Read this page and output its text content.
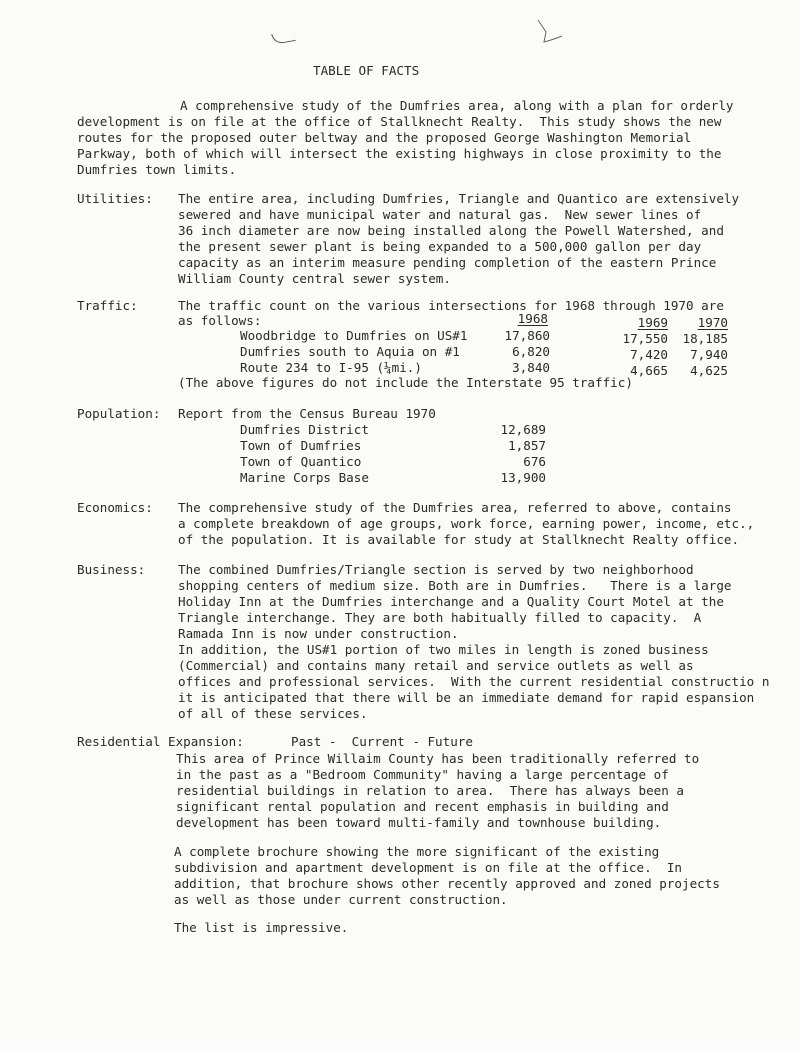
TABLE OF FACTS
A comprehensive study of the Dumfries area, along with a plan for orderly
development is on file at the office of Stallknecht Realty.  This study shows the new
routes for the proposed outer beltway and the proposed George Washington Memorial
Parkway, both of which will intersect the existing highways in close proximity to the
Dumfries town limits.
Utilities: The entire area, including Dumfries, Triangle and Quantico are extensively
sewered and have municipal water and natural gas.  New sewer lines of
36 inch diameter are now being installed along the Powell Watershed, and
the present sewer plant is being expanded to a 500,000 gallon per day
capacity as an interim measure pending completion of the eastern Prince
William County central sewer system.
Traffic:	The traffic count on the various intersections for 1968 through 1970 are
as follows:	1968	1969	1970
Woodbridge to Dumfries on US#1	17,860	17,550	18,185
Dumfries south to Aquia on #1	6,820	7,420	7,940
Route 234 to I-95 (¼mi.)	3,840	4,665	4,625
(The above figures do not include the Interstate 95 traffic)
Population: Report from the Census Bureau 1970
Dumfries District	12,689
Town of Dumfries	1,857
Town of Quantico	676
Marine Corps Base	13,900
Economics: The comprehensive study of the Dumfries area, referred to above, contains
a complete breakdown of age groups, work force, earning power, income, etc.,
of the population. It is available for study at Stallknecht Realty office.
Business:	The combined Dumfries/Triangle section is served by two neighborhood
shopping centers of medium size. Both are in Dumfries.   There is a large
Holiday Inn at the Dumfries interchange and a Quality Court Motel at the
Triangle interchange. They are both habitually filled to capacity.  A
Ramada Inn is now under construction.
In addition, the US#1 portion of two miles in length is zoned business
(Commercial) and contains many retail and service outlets as well as
offices and professional services.  With the current residential constructio n
it is anticipated that there will be an immediate demand for rapid espansion
of all of these services.
Residential Expansion:	Past -  Current - Future
This area of Prince Willaim County has been traditionally referred to
in the past as a "Bedroom Community" having a large percentage of
residential buildings in relation to area.  There has always been a
significant rental population and recent emphasis in building and
development has been toward multi-family and townhouse building.
A complete brochure showing the more significant of the existing
subdivision and apartment development is on file at the office.  In
addition, that brochure shows other recently approved and zoned projects
as well as those under current construction.
The list is impressive.
